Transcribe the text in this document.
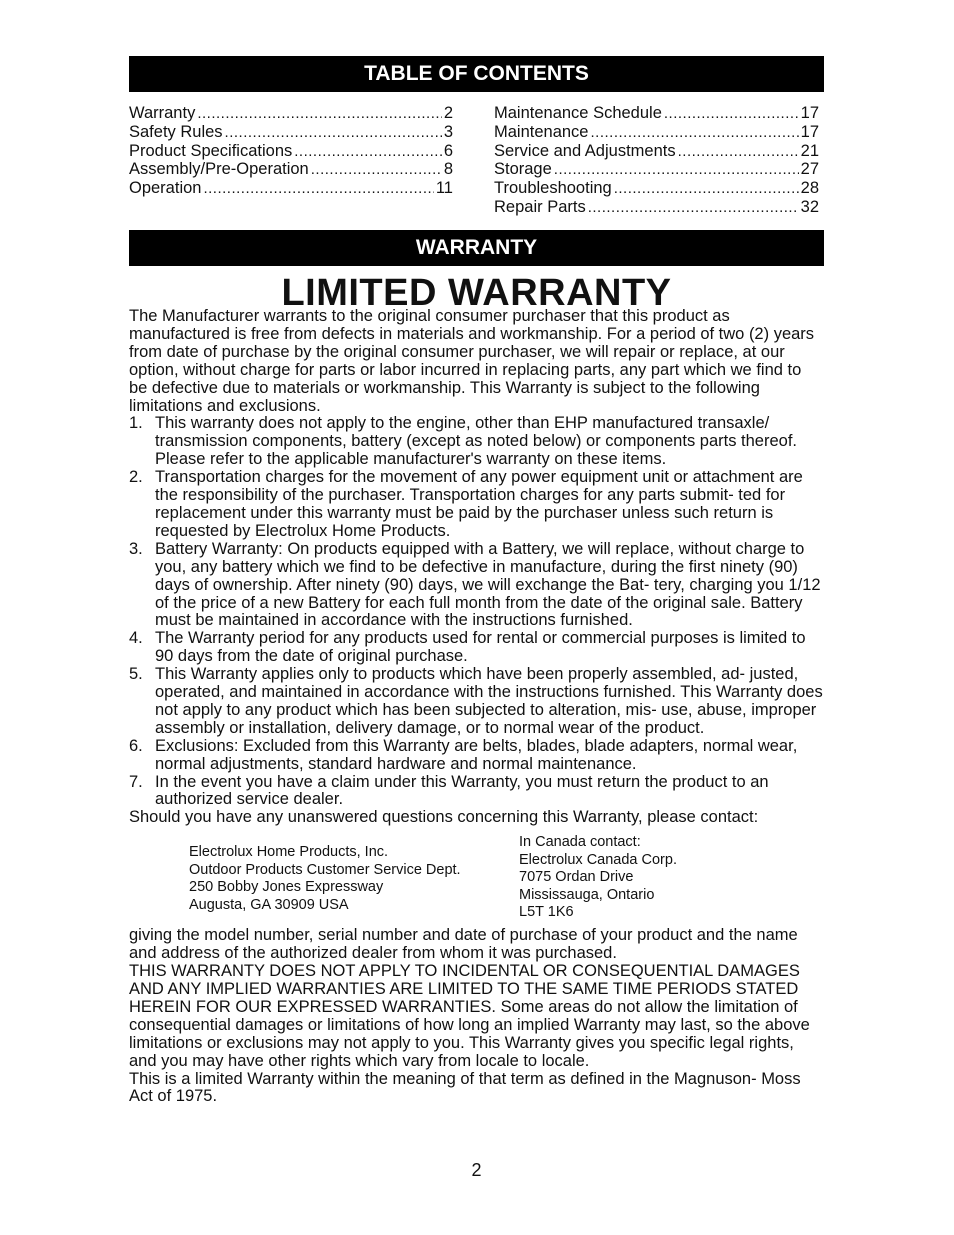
TABLE OF CONTENTS
Warranty .....	2
Safety Rules .....	3
Product Specifications .....	6
Assembly/Pre-Operation .....	8
Operation .....	11
Maintenance Schedule .....	17
Maintenance .....	17
Service and Adjustments .....	21
Storage .....	27
Troubleshooting .....	28
Repair Parts .....	32
WARRANTY
LIMITED WARRANTY

The Manufacturer warrants to the original consumer purchaser that this product as manufactured is free from defects in materials and workmanship. For a period of two (2) years from date of purchase by the original consumer purchaser, we will repair or replace, at our option, without charge for parts or labor incurred in replacing parts, any part which we find to be defective due to materials or workmanship. This Warranty is subject to the following limitations and exclusions.

1. This warranty does not apply to the engine, other than EHP manufactured transaxle/ transmission components, battery (except as noted below) or components parts thereof. Please refer to the applicable manufacturer's warranty on these items.
2. Transportation charges for the movement of any power equipment unit or attachment are the responsibility of the purchaser. Transportation charges for any parts submit- ted for replacement under this warranty must be paid by the purchaser unless such return is requested by Electrolux Home Products.
3. Battery Warranty: On products equipped with a Battery, we will replace, without charge to you, any battery which we find to be defective in manufacture, during the first ninety (90) days of ownership. After ninety (90) days, we will exchange the Bat- tery, charging you 1/12 of the price of a new Battery for each full month from the date of the original sale. Battery must be maintained in accordance with the instructions furnished.
4. The Warranty period for any products used for rental or commercial purposes is limited to 90 days from the date of original purchase.
5. This Warranty applies only to products which have been properly assembled, ad- justed, operated, and maintained in accordance with the instructions furnished. This Warranty does not apply to any product which has been subjected to alteration, mis- use, abuse, improper assembly or installation, delivery damage, or to normal wear of the product.
6. Exclusions: Excluded from this Warranty are belts, blades, blade adapters, normal wear, normal adjustments, standard hardware and normal maintenance.
7. In the event you have a claim under this Warranty, you must return the product to an authorized service dealer.

Should you have any unanswered questions concerning this Warranty, please contact:

Electrolux Home Products, Inc.
Outdoor Products Customer Service Dept.
250 Bobby Jones Expressway
Augusta, GA 30909 USA
In Canada contact:
Electrolux Canada Corp.
7075 Ordan Drive
Mississauga, Ontario
L5T 1K6

giving the model number, serial number and date of purchase of your product and the name and address of the authorized dealer from whom it was purchased.

THIS WARRANTY DOES NOT APPLY TO INCIDENTAL OR CONSEQUENTIAL DAMAGES AND ANY IMPLIED WARRANTIES ARE LIMITED TO THE SAME TIME PERIODS STATED HEREIN FOR OUR EXPRESSED WARRANTIES. Some areas do not allow the limitation of consequential damages or limitations of how long an implied Warranty may last, so the above limitations or exclusions may not apply to you. This Warranty gives you specific legal rights, and you may have other rights which vary from locale to locale.

This is a limited Warranty within the meaning of that term as defined in the Magnuson- Moss Act of 1975.

2
